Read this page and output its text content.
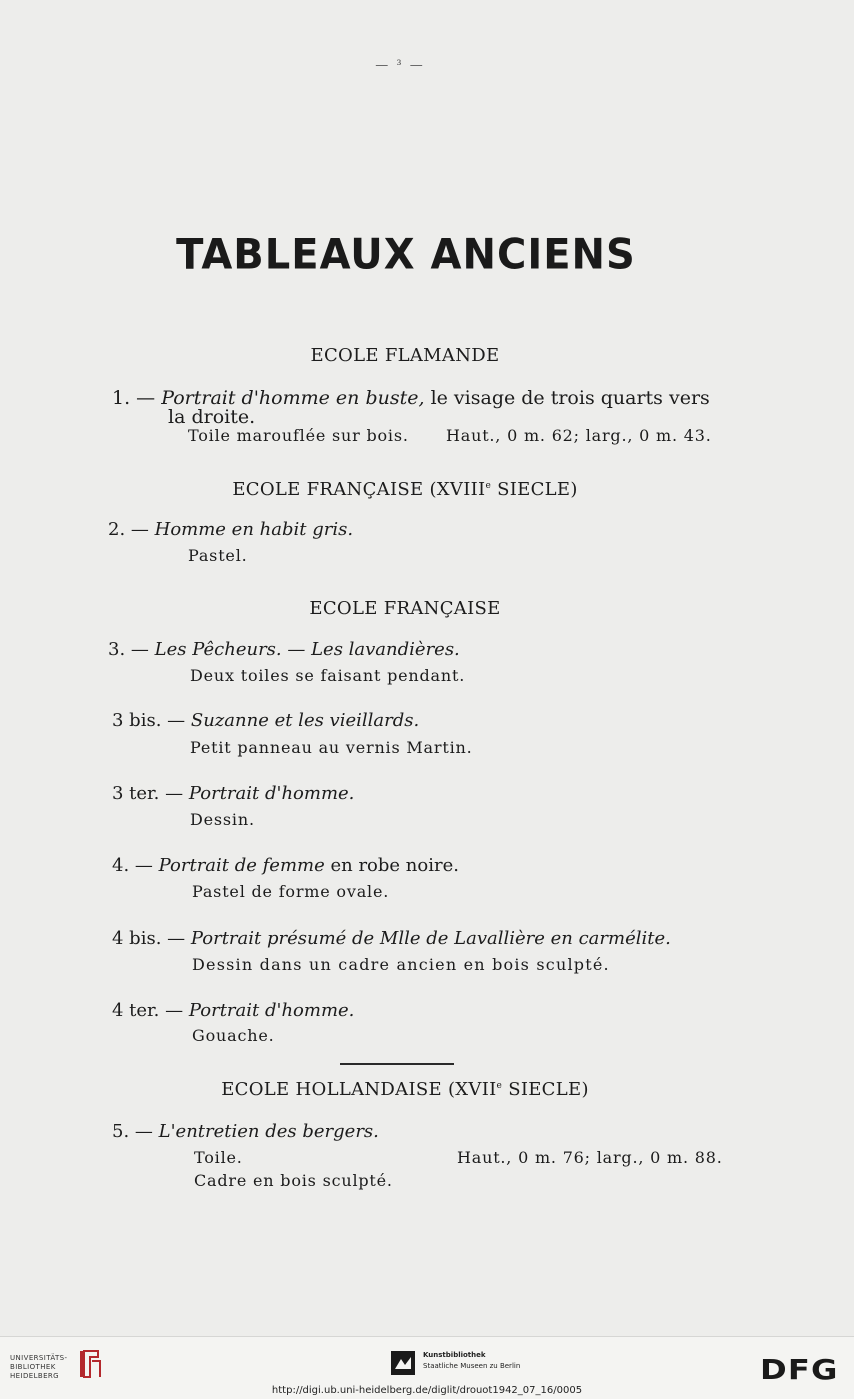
— ³ —
TABLEAUX ANCIENS
ECOLE FLAMANDE
1. — Portrait d'homme en buste, le visage de trois quarts vers
la droite.
Toile marouflée sur bois. Haut., 0 m. 62; larg., 0 m. 43.
ECOLE FRANÇAISE (XVIIIe SIECLE)
2. — Homme en habit gris.
Pastel.
ECOLE FRANÇAISE
3. — Les Pêcheurs. — Les lavandières.
Deux toiles se faisant pendant.
3 bis. — Suzanne et les vieillards.
Petit panneau au vernis Martin.
3 ter. — Portrait d'homme.
Dessin.
4. — Portrait de femme en robe noire.
Pastel de forme ovale.
4 bis. — Portrait présumé de Mlle de Lavallière en carmélite.
Dessin dans un cadre ancien en bois sculpté.
4 ter. — Portrait d'homme.
Gouache.
ECOLE HOLLANDAISE (XVIIe SIECLE)
5. — L'entretien des bergers.
Toile.	Haut., 0 m. 76; larg., 0 m. 88.
Cadre en bois sculpté.
UNIVERSITÄTS-
BIBLIOTHEK
HEIDELBERG
Kunstbibliothek
Staatliche Museen zu Berlin	DFG
http://digi.ub.uni-heidelberg.de/diglit/drouot1942_07_16/0005
